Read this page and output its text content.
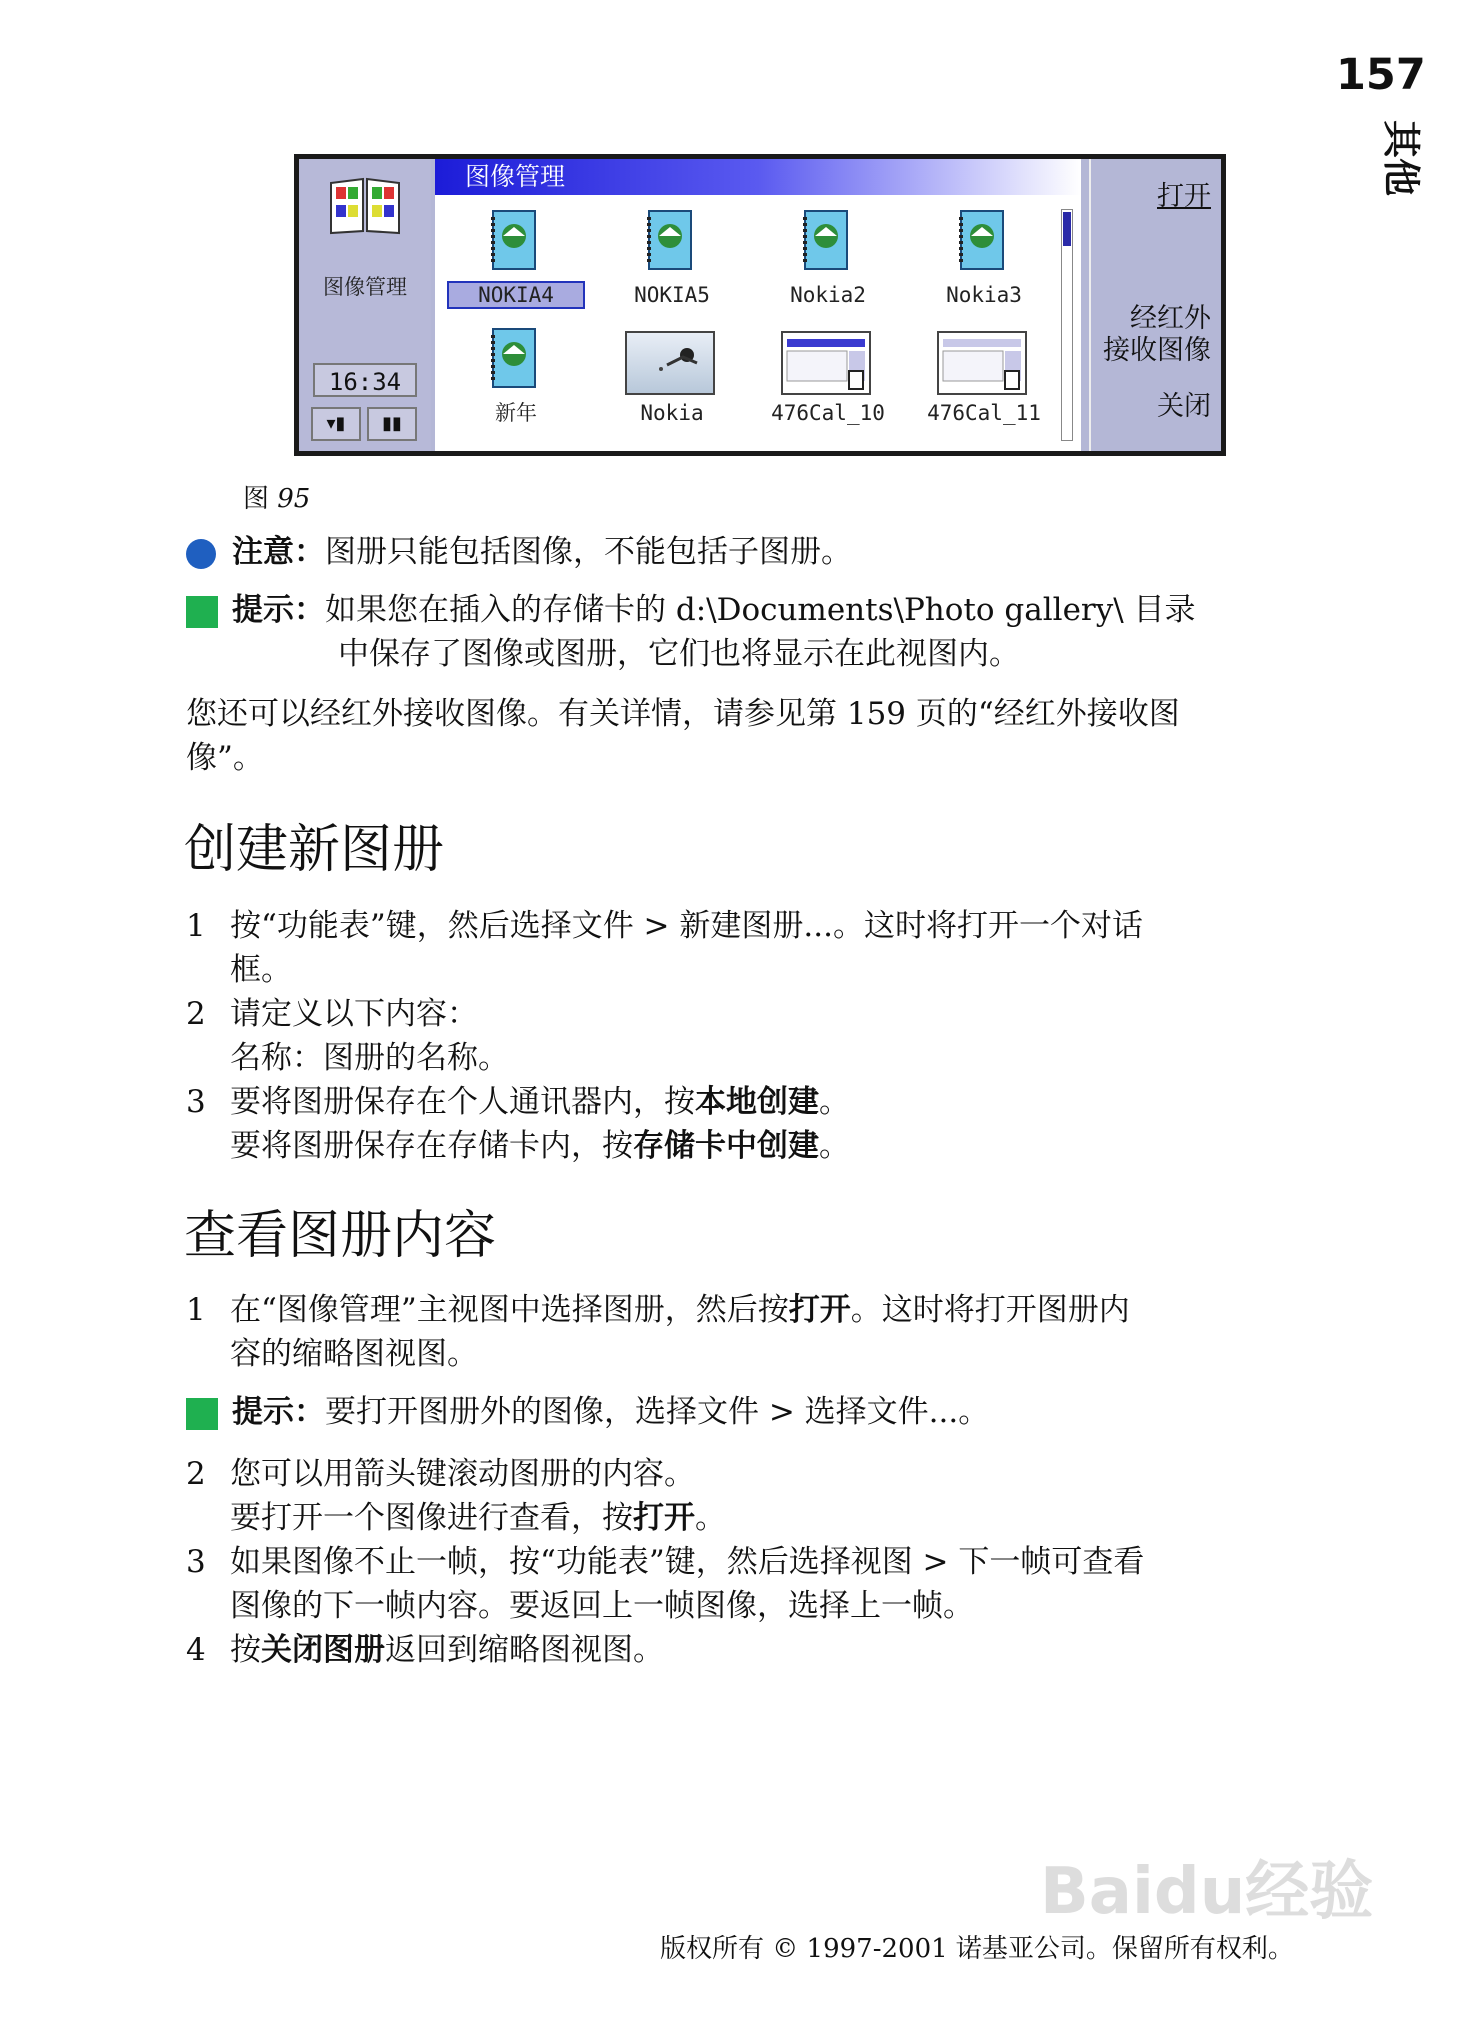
157
其他
图像管理
16:34
▾▮	▮▮
图像管理
NOKIA4	NOKIA5	Nokia2	Nokia3
新年	Nokia	476Cal_10	476Cal_11
打开
经红外
接收图像
关闭
图 95
注意：图册只能包括图像，不能包括子图册。
提示：如果您在插入的存储卡的 d:\Documents\Photo gallery\ 目录
中保存了图像或图册，它们也将显示在此视图内。
您还可以经红外接收图像。有关详情，请参见第 159 页的“经红外接收图
像”。
创建新图册
1 按“功能表”键，然后选择文件 > 新建图册...。这时将打开一个对话
框。
2 请定义以下内容：
名称：图册的名称。
3 要将图册保存在个人通讯器内，按本地创建。
要将图册保存在存储卡内，按存储卡中创建。
查看图册内容
1 在“图像管理”主视图中选择图册，然后按打开。这时将打开图册内
容的缩略图视图。
提示：要打开图册外的图像，选择文件 > 选择文件...。
2 您可以用箭头键滚动图册的内容。
要打开一个图像进行查看，按打开。
3 如果图像不止一帧，按“功能表”键，然后选择视图 > 下一帧可查看
图像的下一帧内容。要返回上一帧图像，选择上一帧。
4 按关闭图册返回到缩略图视图。
Baidu经验
版权所有 © 1997-2001 诺基亚公司。保留所有权利。
